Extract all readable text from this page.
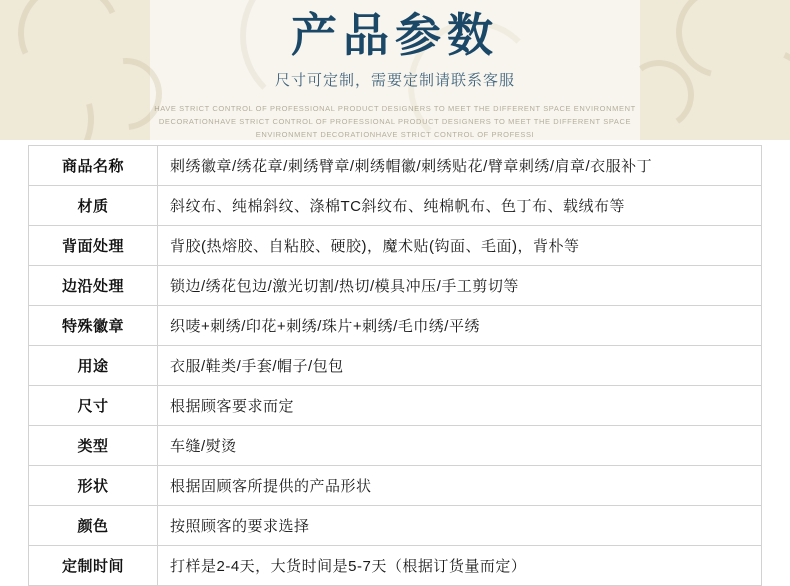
产品参数
尺寸可定制，需要定制请联系客服
HAVE STRICT CONTROL OF PROFESSIONAL PRODUCT DESIGNERS TO MEET THE DIFFERENT SPACE ENVIRONMENT DECORATIONHAVE STRICT CONTROL OF PROFESSIONAL PRODUCT DESIGNERS TO MEET THE DIFFERENT SPACE ENVIRONMENT DECORATIONHAVE STRICT CONTROL OF PROFESSI
商品名称	刺绣徽章/绣花章/刺绣臂章/刺绣帽徽/刺绣贴花/臂章刺绣/肩章/衣服补丁
材质	斜纹布、纯棉斜纹、涤棉TC斜纹布、纯棉帆布、色丁布、载绒布等
背面处理	背胶(热熔胶、自粘胶、硬胶)，魔术贴(钩面、毛面)，背朴等
边沿处理	锁边/绣花包边/激光切割/热切/模具冲压/手工剪切等
特殊徽章	织唛+刺绣/印花+刺绣/珠片+刺绣/毛巾绣/平绣
用途	衣服/鞋类/手套/帽子/包包
尺寸	根据顾客要求而定
类型	车缝/熨烫
形状	根据固顾客所提供的产品形状
颜色	按照顾客的要求选择
定制时间	打样是2-4天，大货时间是5-7天（根据订货量而定）
